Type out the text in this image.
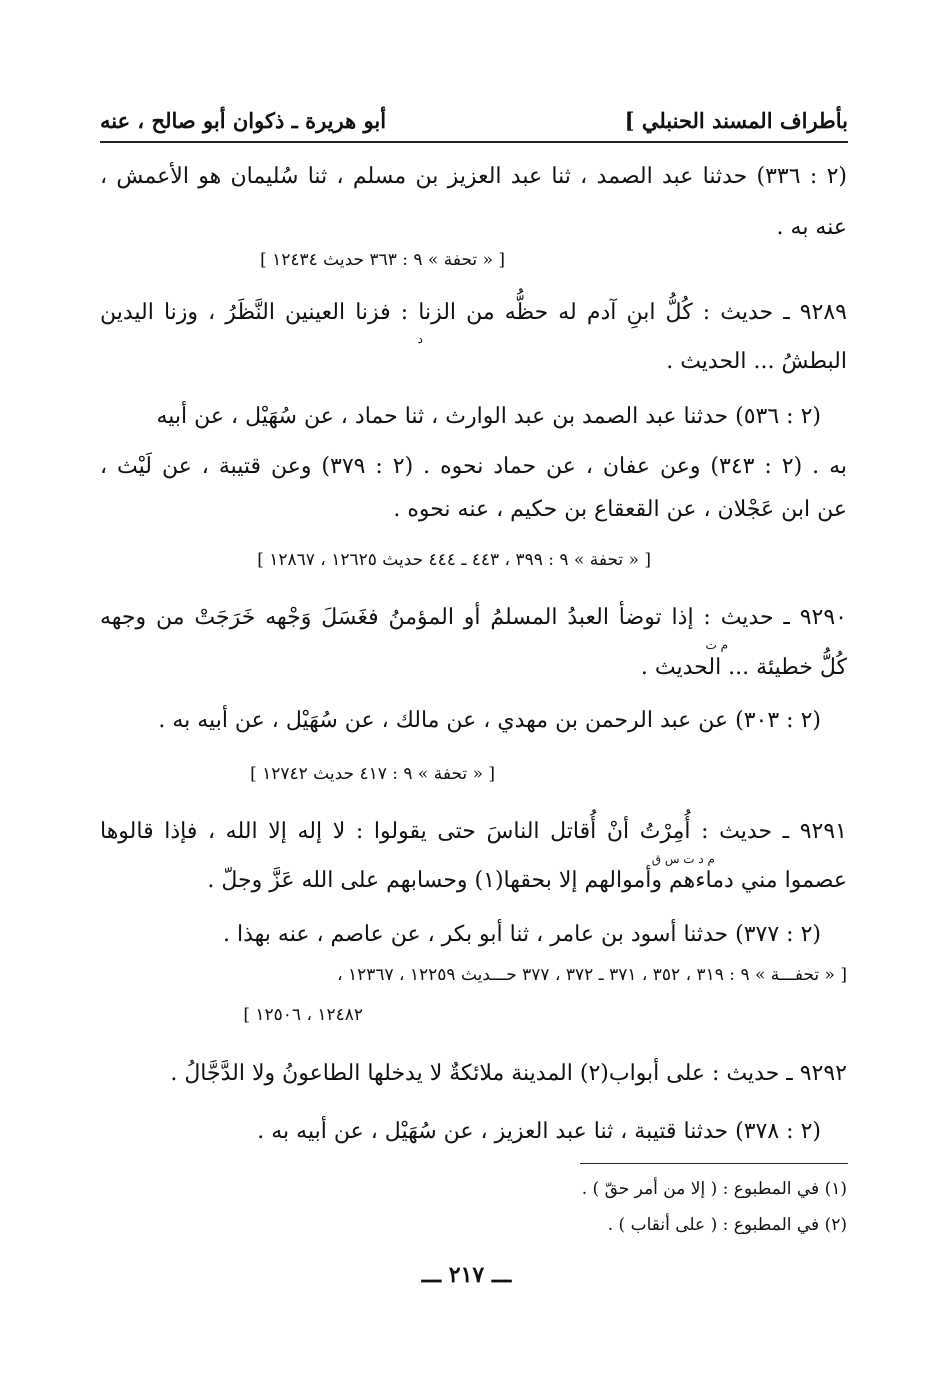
بأطراف المسند الحنبلي ]
أبو هريرة ـ ذكوان أبو صالح ، عنه
(٢ : ٣٣٦) حدثنا عبد الصمد ، ثنا عبد العزيز بن مسلم ، ثنا سُليمان هو الأعمش ،
عنه به .
[ « تحفة » ٩ : ٣٦٣ حديث ١٢٤٣٤ ]
٩٢٨٩ ـ حديث : كُلُّ ابنِ آدم له حظُّه من الزنا : فزنا العينين النَّظَرُ ، وزنا اليدين
د
البطشُ ... الحديث .
(٢ : ٥٣٦) حدثنا عبد الصمد بن عبد الوارث ، ثنا حماد ، عن سُهَيْل ، عن أبيه
به . (٢ : ٣٤٣) وعن عفان ، عن حماد نحوه . (٢ : ٣٧٩) وعن قتيبة ، عن لَيْث ،
عن ابن عَجْلان ، عن القعقاع بن حكيم ، عنه نحوه .
[ « تحفة » ٩ : ٣٩٩ ، ٤٤٣ ـ ٤٤٤ حديث ١٢٦٢٥ ، ١٢٨٦٧ ]
٩٢٩٠ ـ حديث : إذا توضأ العبدُ المسلمُ أو المؤمنُ فغَسَلَ وَجْهه خَرَجَتْ من وجهه
م ت
كُلُّ خطيئة ... الحديث .
(٢ : ٣٠٣) عن عبد الرحمن بن مهدي ، عن مالك ، عن سُهَيْل ، عن أبيه به .
[ « تحفة » ٩ : ٤١٧ حديث ١٢٧٤٢ ]
٩٢٩١ ـ حديث : أُمِرْتُ أنْ أُقاتل الناسَ حتى يقولوا : لا إله إلا الله ، فإذا قالوها
م د ت س ق
عصموا مني دماءهم وأموالهم إلا بحقها(١) وحسابهم على الله عَزَّ وجلّ .
(٢ : ٣٧٧) حدثنا أسود بن عامر ، ثنا أبو بكر ، عن عاصم ، عنه بهذا .
[ « تحفـــة » ٩ : ٣١٩ ، ٣٥٢ ، ٣٧١ ـ ٣٧٢ ، ٣٧٧ حـــديث ١٢٢٥٩ ، ١٢٣٦٧ ،
١٢٤٨٢ ، ١٢٥٠٦ ]
٩٢٩٢ ـ حديث : على أبواب(٢) المدينة ملائكةٌ لا يدخلها الطاعونُ ولا الدَّجَّالُ .
(٢ : ٣٧٨) حدثنا قتيبة ، ثنا عبد العزيز ، عن سُهَيْل ، عن أبيه به .
(١) في المطبوع : ( إلا من أمر حقّ ) .
(٢) في المطبوع : ( على أنقاب ) .
ـــ ٢١٧ ـــ
